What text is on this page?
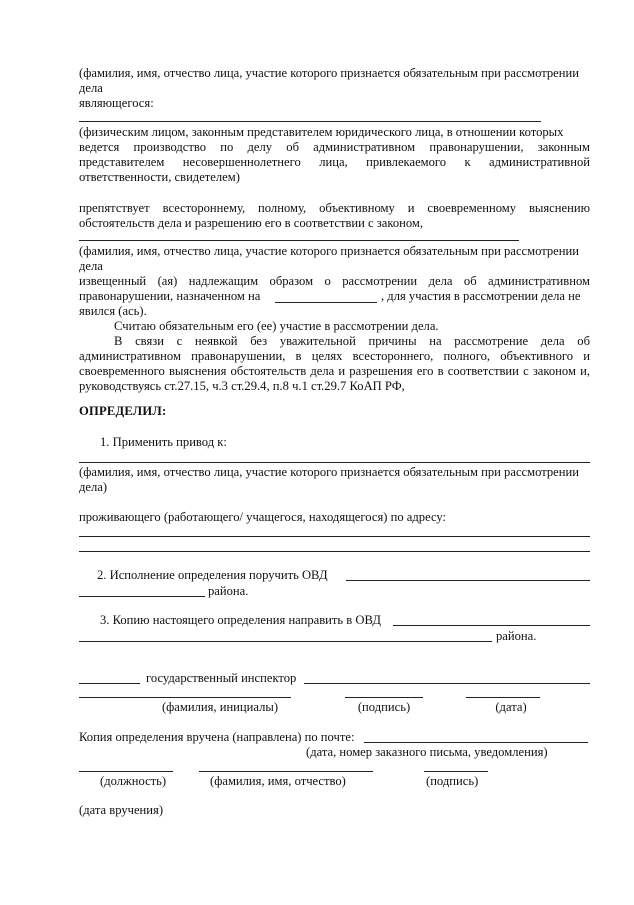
(фамилия, имя, отчество лица, участие которого признается обязательным при рассмотрении
дела
являющегося:
(физическим лицом, законным представителем юридического лица, в отношении которых
ведется производство по делу об административном правонарушении, законным
представителем несовершеннолетнего лица, привлекаемого к административной
ответственности, свидетелем)
препятствует всестороннему, полному, объективному и своевременному выяснению
обстоятельств дела и разрешению его в соответствии с законом,
(фамилия, имя, отчество лица, участие которого признается обязательным при рассмотрении
дела
извещенный (ая) надлежащим образом о рассмотрении дела об административном
правонарушении, назначенном на	, для участия в рассмотрении дела не
явился (ась).
Считаю обязательным его (ее) участие в рассмотрении дела.
В связи с неявкой без уважительной причины на рассмотрение дела об
административном правонарушении, в целях всестороннего, полного, объективного и
своевременного выяснения обстоятельств дела и разрешения его в соответствии с законом и,
руководствуясь ст.27.15, ч.3 ст.29.4, п.8 ч.1 ст.29.7 КоАП РФ,
ОПРЕДЕЛИЛ:
1. Применить привод к:
(фамилия, имя, отчество лица, участие которого признается обязательным при рассмотрении
дела)
проживающего (работающего/ учащегося, находящегося) по адресу:
2. Исполнение определения поручить ОВД
района.
3. Копию настоящего определения направить в ОВД
района.
государственный инспектор
(фамилия, инициалы)	(подпись)	(дата)
Копия определения вручена (направлена) по почте:
(дата, номер заказного письма, уведомления)
(должность)	(фамилия, имя, отчество)	(подпись)
(дата вручения)
